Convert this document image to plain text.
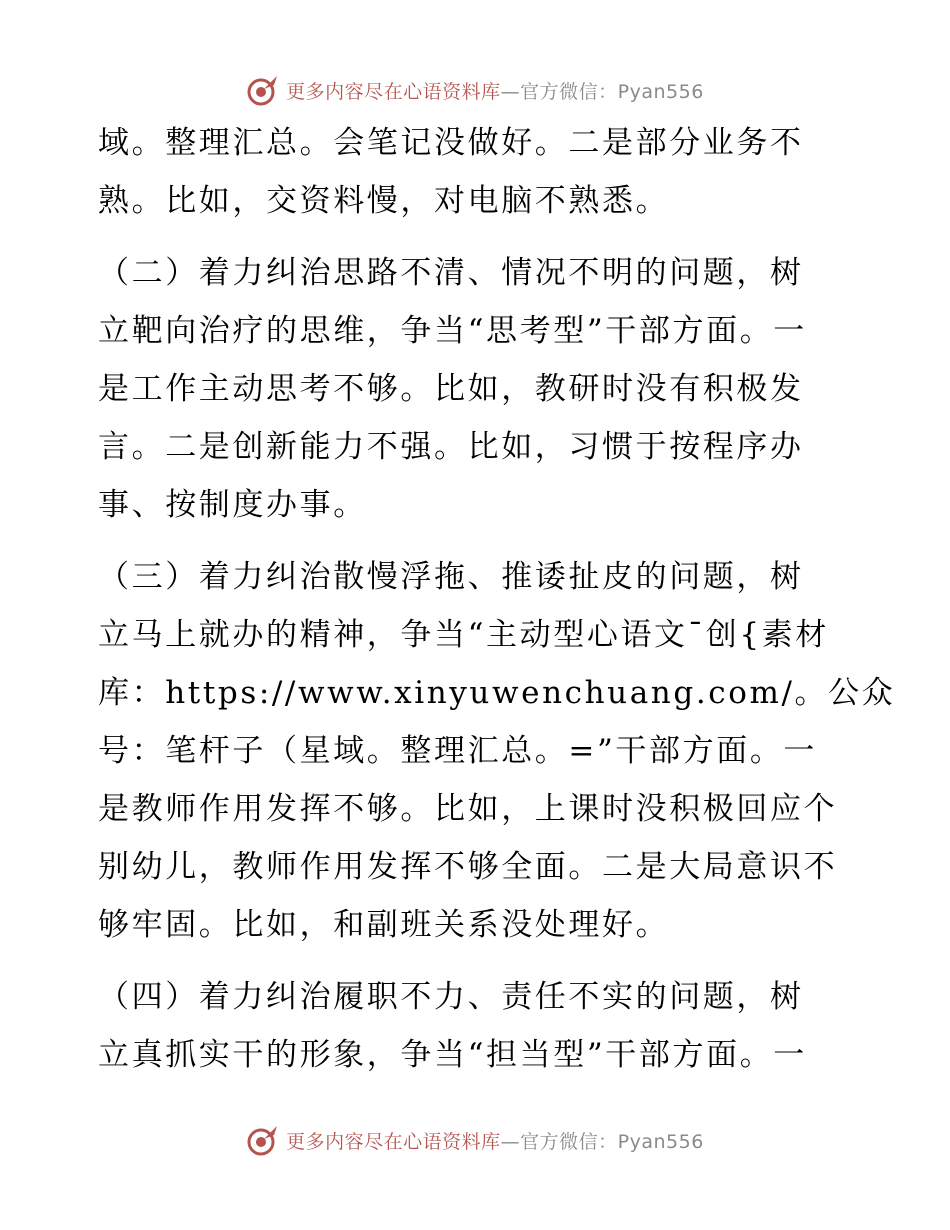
更多内容尽在心语资料库—官方微信：Pyan556
域。整理汇总。会笔记没做好。二是部分业务不
熟。比如，交资料慢，对电脑不熟悉。
（二）着力纠治思路不清、情况不明的问题，树
立靶向治疗的思维，争当“思考型”干部方面。一
是工作主动思考不够。比如，教研时没有积极发
言。二是创新能力不强。比如，习惯于按程序办
事、按制度办事。
（三）着力纠治散慢浮拖、推诿扯皮的问题，树
立马上就办的精神，争当“主动型心语文¯创{素材
库：https://www.xinyuwenchuang.com/。公众
号：笔杆子（星域。整理汇总。=”干部方面。一
是教师作用发挥不够。比如，上课时没积极回应个
别幼儿，教师作用发挥不够全面。二是大局意识不
够牢固。比如，和副班关系没处理好。
（四）着力纠治履职不力、责任不实的问题，树
立真抓实干的形象，争当“担当型”干部方面。一
更多内容尽在心语资料库—官方微信：Pyan556
